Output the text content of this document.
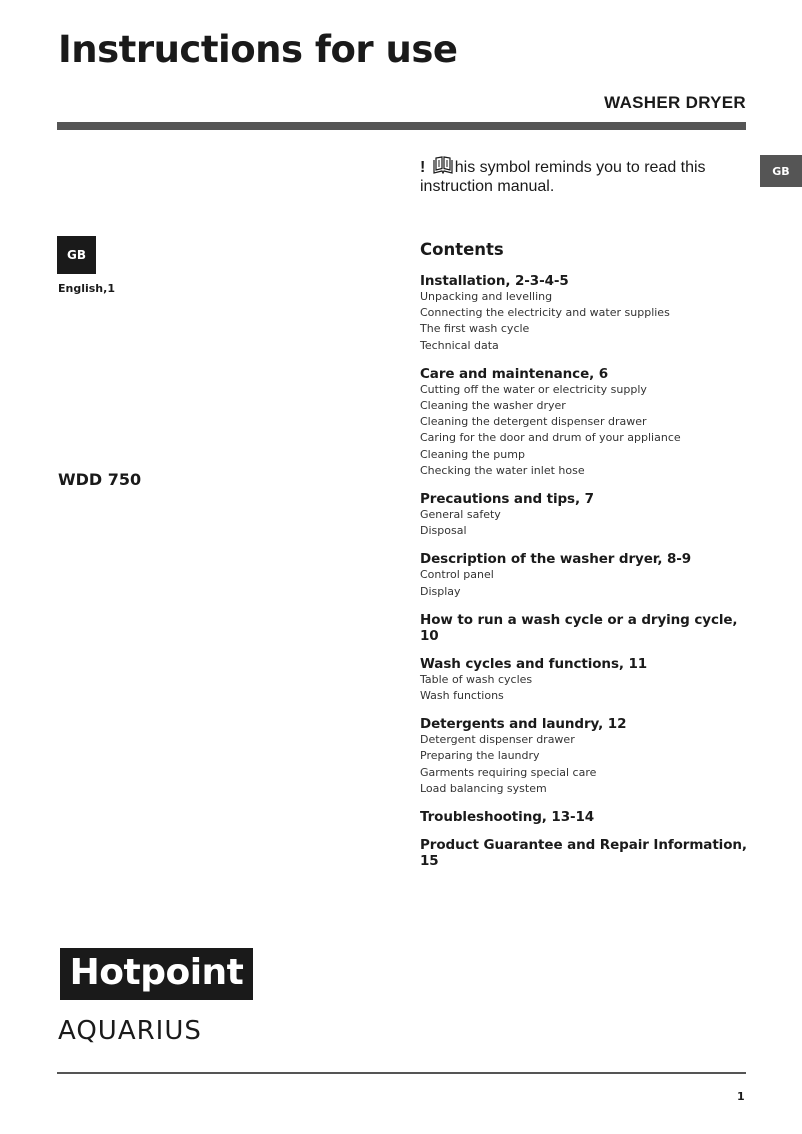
Instructions for use
WASHER DRYER
GB
! his symbol reminds you to read this
instruction manual.
GB
English,1
WDD 750
Contents
Installation, 2-3-4-5
Unpacking and levelling
Connecting the electricity and water supplies
The first wash cycle
Technical data
Care and maintenance, 6
Cutting off the water or electricity supply
Cleaning the washer dryer
Cleaning the detergent dispenser drawer
Caring for the door and drum of your appliance
Cleaning the pump
Checking the water inlet hose
Precautions and tips, 7
General safety
Disposal
Description of the washer dryer, 8-9
Control panel
Display
How to run a wash cycle or a drying cycle, 10
Wash cycles and functions, 11
Table of wash cycles
Wash functions
Detergents and laundry, 12
Detergent dispenser drawer
Preparing the laundry
Garments requiring special care
Load balancing system
Troubleshooting, 13-14
Product Guarantee and Repair Information, 15
Hotpoint
AQUARIUS
1
